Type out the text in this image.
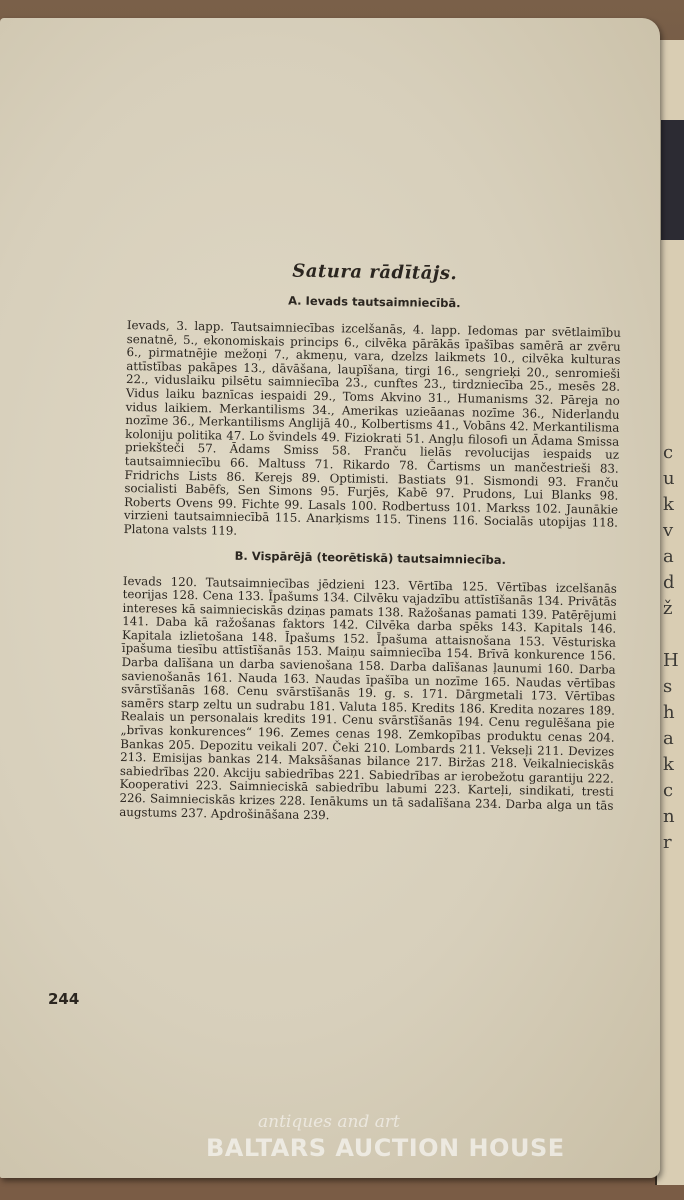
c
u
k
v
a
d
ž

H
s
h
a
k
c
n
r
244
Satura rādītājs.
A. Ievads tautsaimniecībā.

Ievads, 3. lapp. Tautsaimniecības izcelšanās, 4. lapp. Iedomas par svētlaimību senatnē, 5., ekonomiskais princips 6., cilvēka pārākās īpašības samērā ar zvēru 6., pirmatnējie mežoņi 7., akmeņu, vara, dzelzs laikmets 10., cilvēka kulturas attīstības pakāpes 13., dāvāšana, laupīšana, tirgi 16., sengrieķi 20., senromieši 22., viduslaiku pilsētu saimniecība 23., cunftes 23., tirdzniecība 25., mesēs 28. Vidus laiku baznīcas iespaidi 29., Toms Akvino 31., Humanisms 32. Pāreja no vidus laikiem. Merkantilisms 34., Amerikas uzieāanas nozīme 36., Niderlandu nozīme 36., Merkantilisms Anglijā 40., Kolbertisms 41., Vobāns 42. Merkantilisma koloniju politika 47. Lo švindels 49. Fiziokrati 51. Angļu filosofi un Ādama Smissa priekšteči 57. Ādams Smiss 58. Franču lielās revolucijas iespaids uz tautsaimniecību 66. Maltuss 71. Rikardo 78. Čartisms un mančestrieši 83. Fridrichs Lists 86. Kerejs 89. Optimisti. Bastiats 91. Sismondi 93. Franču socialisti Babēfs, Sen Simons 95. Furjēs, Kabē 97. Prudons, Lui Blanks 98. Roberts Ovens 99. Fichte 99. Lasals 100. Rodbertuss 101. Markss 102. Jaunākie virzieni tautsaimniecībā 115. Anarķisms 115. Tinens 116. Socialās utopijas 118. Platona valsts 119.

B. Vispārējā (teorētiskā) tautsaimniecība.

Ievads 120. Tautsaimniecības jēdzieni 123. Vērtība 125. Vērtības izcelšanās teorijas 128. Cena 133. Īpašums 134. Cilvēku vajadzību attīstīšanās 134. Privātās intereses kā saimnieciskās dziņas pamats 138. Ražošanas pamati 139. Patēŗējumi 141. Daba kā ražošanas faktors 142. Cilvēka darba spēks 143. Kapitals 146. Kapitala izlietošana 148. Īpašums 152. Īpašuma attaisnošana 153. Vēsturiska īpašuma tiesību attīstīšanās 153. Maiņu saimniecība 154. Brīvā konkurence 156. Darba dalīšana un darba savienošana 158. Darba dalīšanas ļaunumi 160. Darba savienošanās 161. Nauda 163. Naudas īpašība un nozīme 165. Naudas vērtības svārstīšanās 168. Cenu svārstīšanās 19. g. s. 171. Dārgmetali 173. Vērtības samērs starp zeltu un sudrabu 181. Valuta 185. Kredits 186. Kredita nozares 189. Realais un personalais kredits 191. Cenu svārstīšanās 194. Cenu regulēšana pie „brīvas konkurences“ 196. Zemes cenas 198. Zemkopības produktu cenas 204. Bankas 205. Depozitu veikali 207. Čeki 210. Lombards 211. Vekseļi 211. Devizes 213. Emisijas bankas 214. Maksāšanas bilance 217. Biržas 218. Veikalnieciskās sabiedrības 220. Akciju sabiedrības 221. Sabiedrības ar ierobežotu garantiju 222. Kooperativi 223. Saimnieciskā sabiedrību labumi 223. Karteļi, sindikati, tresti 226. Saimnieciskās krizes 228. Ienākums un tā sadalīšana 234. Darba alga un tās augstums 237. Apdrošināšana 239.

antiques and art
BALTARS AUCTION HOUSE
